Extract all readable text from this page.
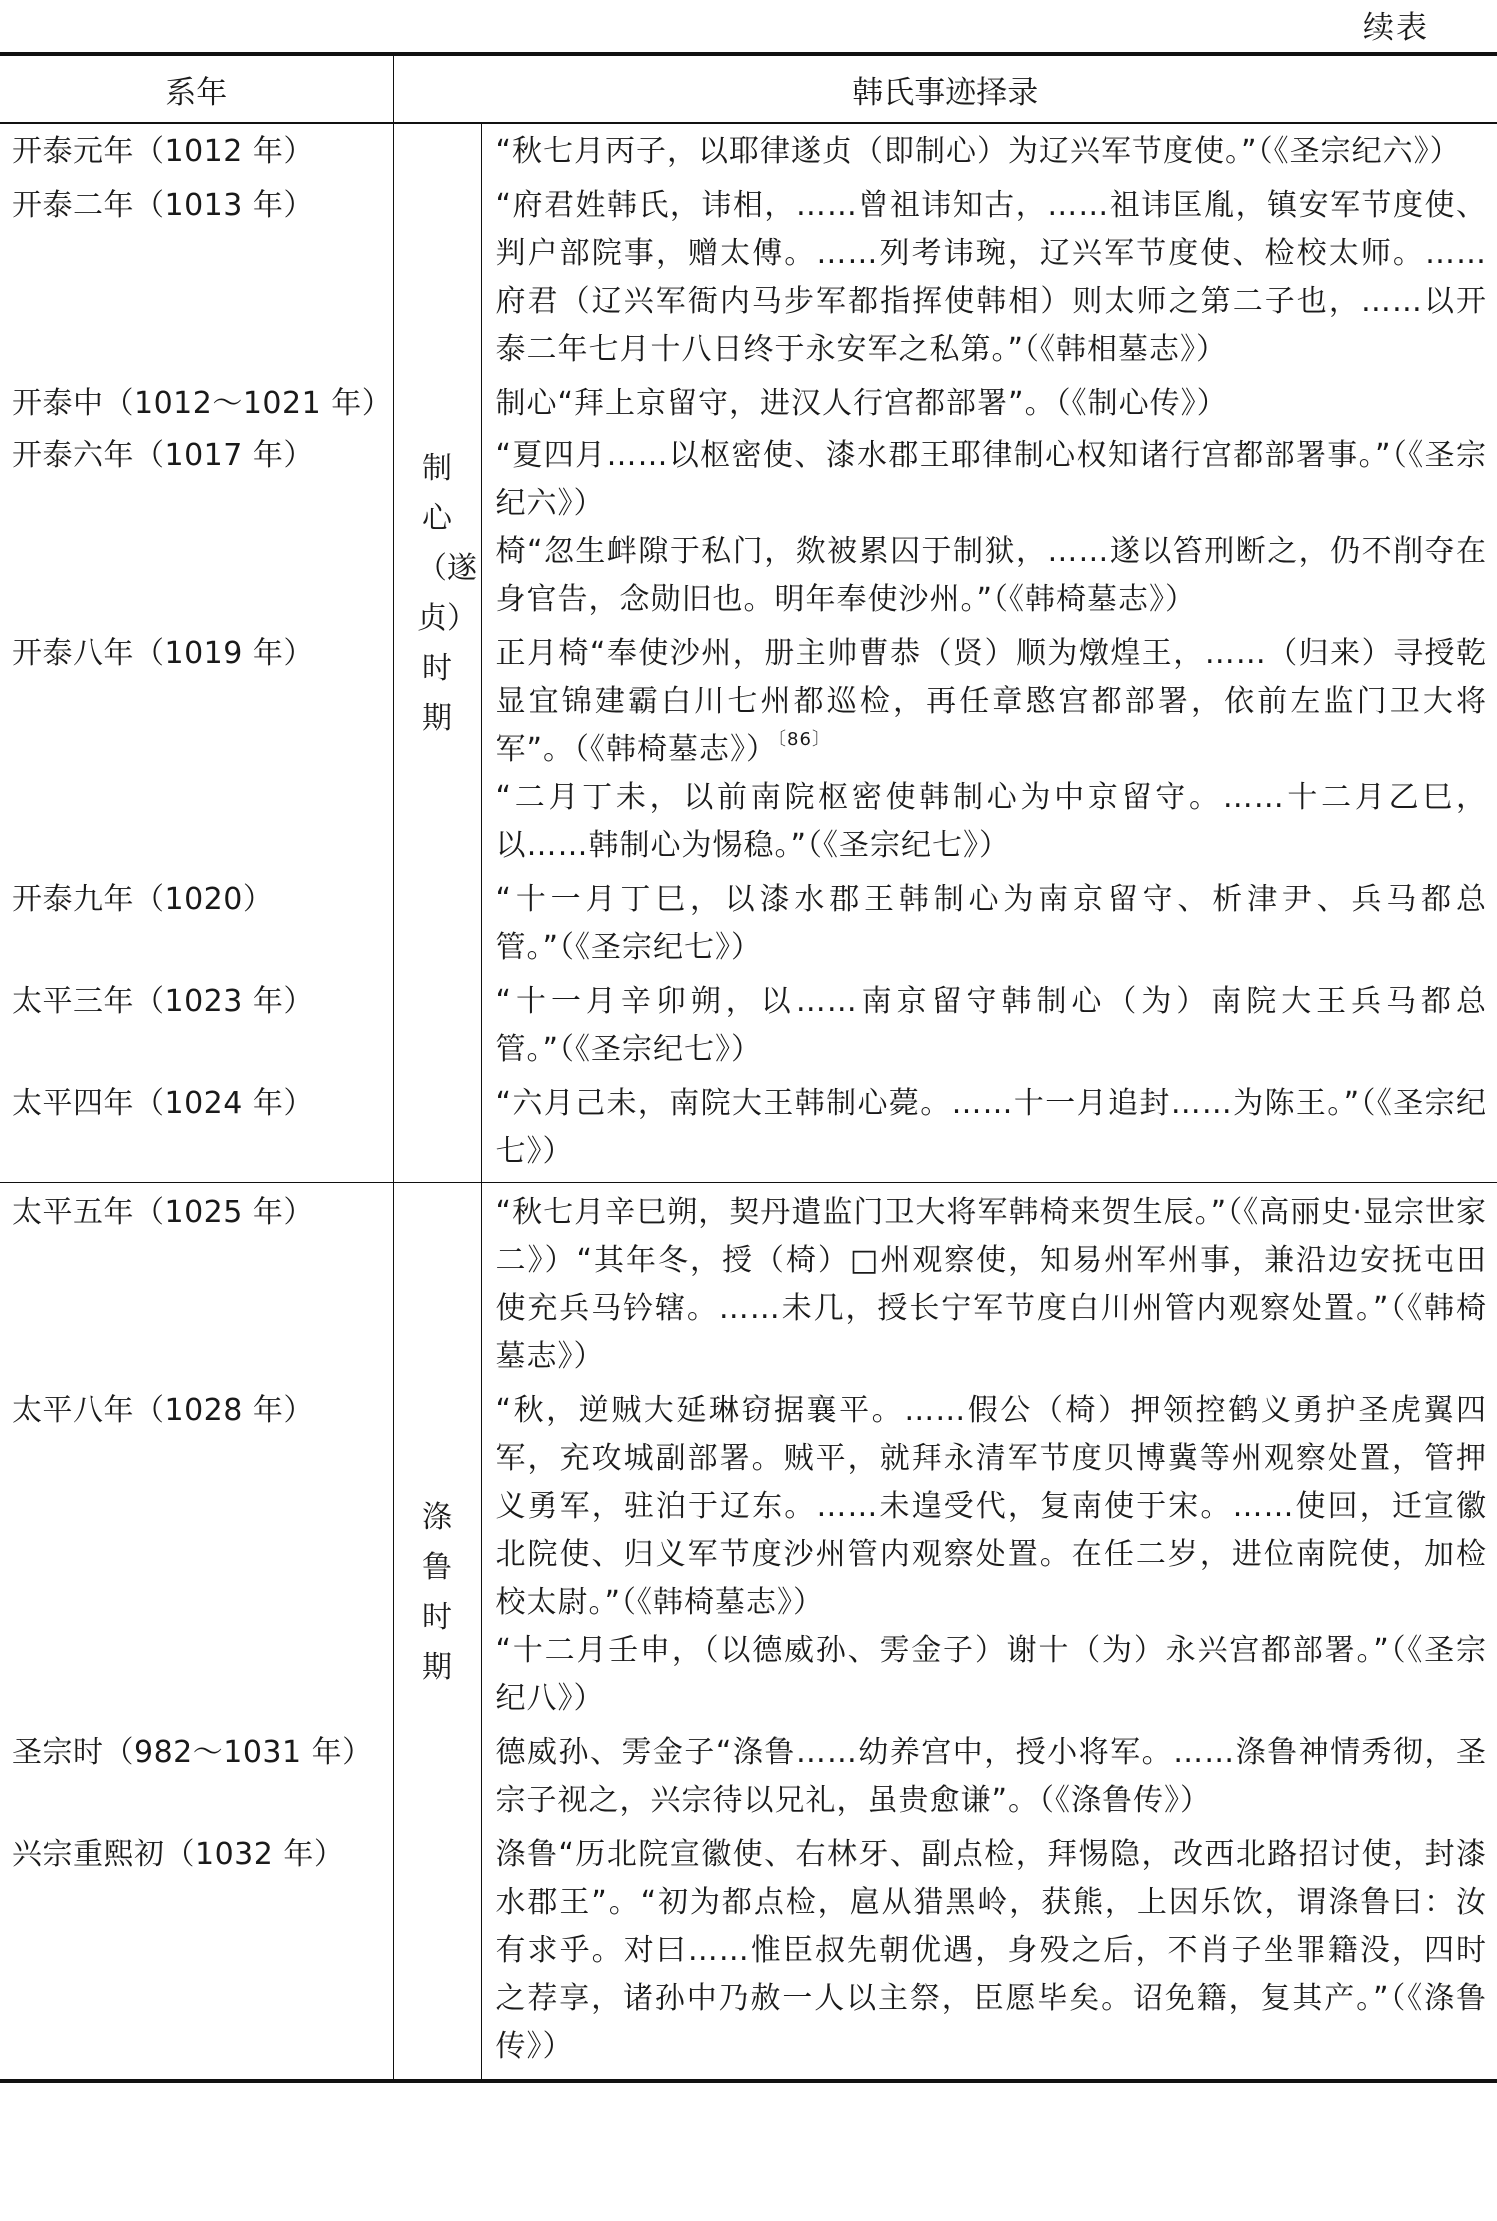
续表
系年	韩氏事迹择录	
开泰元年（1012 年）	制心（遂贞）时期	“秋七月丙子，以耶律遂贞（即制心）为辽兴军节度使。”（《圣宗纪六》）

开泰二年（1013 年）		“府君姓韩氏，讳相，……曾祖讳知古，……祖讳匡胤，镇安军节度使、判户部院事，赠太傅。……列考讳琬，辽兴军节度使、检校太师。……府君（辽兴军衙内马步军都指挥使韩相）则太师之第二子也，……以开泰二年七月十八日终于永安军之私第。”（《韩相墓志》）

开泰中（1012～1021 年）		制心“拜上京留守，进汉人行宫都部署”。（《制心传》）

开泰六年（1017 年）		“夏四月……以枢密使、漆水郡王耶律制心权知诸行宫都部署事。”（《圣宗纪六》）

椅“忽生衅隙于私门，欻被累囚于制狱，……遂以笞刑断之，仍不削夺在身官告，念勋旧也。明年奉使沙州。”（《韩椅墓志》）

开泰八年（1019 年）		正月椅“奉使沙州，册主帅曹恭（贤）顺为燉煌王，……（归来）寻授乾显宜锦建霸白川七州都巡检，再任章愍宫都部署，依前左监门卫大将军”。（《韩椅墓志》）$^{〔86〕}$

“二月丁未，以前南院枢密使韩制心为中京留守。……十二月乙巳，以……韩制心为惕稳。”（《圣宗纪七》）

开泰九年（1020）		“十一月丁巳，以漆水郡王韩制心为南京留守、析津尹、兵马都总管。”（《圣宗纪七》）

太平三年（1023 年）		“十一月辛卯朔，以……南京留守韩制心（为）南院大王兵马都总管。”（《圣宗纪七》）

太平四年（1024 年）		“六月己未，南院大王韩制心薨。……十一月追封……为陈王。”（《圣宗纪七》）

太平五年（1025 年）	涤鲁时期	“秋七月辛巳朔，契丹遣监门卫大将军韩椅来贺生辰。”（《高丽史·显宗世家二》）“其年冬，授（椅）□州观察使，知易州军州事，兼沿边安抚屯田使充兵马钤辖。……未几，授长宁军节度白川州管内观察处置。”（《韩椅墓志》）

太平八年（1028 年）		“秋，逆贼大延琳窃据襄平。……假公（椅）押领控鹤义勇护圣虎翼四军，充攻城副部署。贼平，就拜永清军节度贝博冀等州观察处置，管押义勇军，驻泊于辽东。……未遑受代，复南使于宋。……使回，迁宣徽北院使、归义军节度沙州管内观察处置。在任二岁，进位南院使，加检校太尉。”（《韩椅墓志》）

“十二月壬申，（以德威孙、雱金子）谢十（为）永兴宫都部署。”（《圣宗纪八》）

圣宗时（982～1031 年）		德威孙、雱金子“涤鲁……幼养宫中，授小将军。……涤鲁神情秀彻，圣宗子视之，兴宗待以兄礼，虽贵愈谦”。（《涤鲁传》）

兴宗重熙初（1032 年）		涤鲁“历北院宣徽使、右林牙、副点检，拜惕隐，改西北路招讨使，封漆水郡王”。“初为都点检，扈从猎黑岭，获熊，上因乐饮，谓涤鲁曰：汝有求乎。对曰……惟臣叔先朝优遇，身殁之后，不肖子坐罪籍没，四时之荐享，诸孙中乃赦一人以主祭，臣愿毕矣。诏免籍，复其产。”（《涤鲁传》）
